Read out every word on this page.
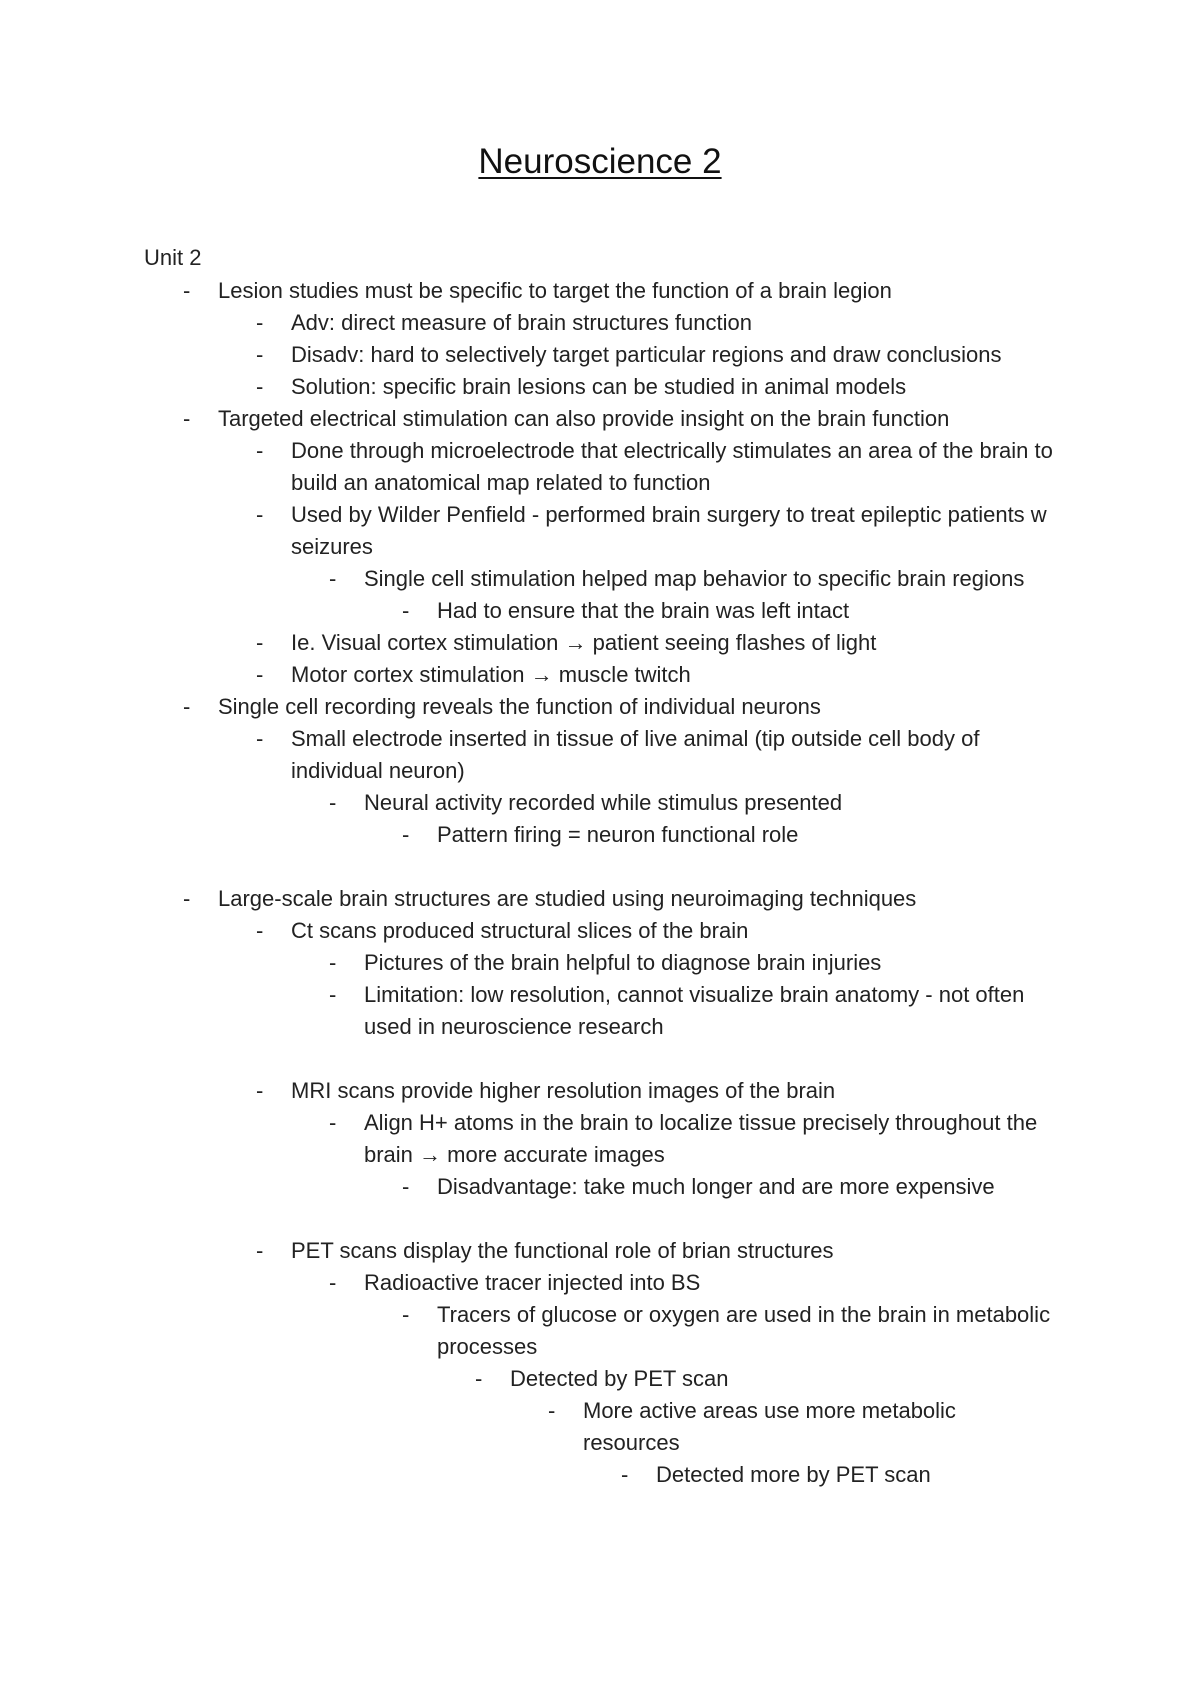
Neuroscience 2
Unit 2
-	Lesion studies must be specific to target the function of a brain legion
-	Adv: direct measure of brain structures function
-	Disadv: hard to selectively target particular regions and draw conclusions
-	Solution: specific brain lesions can be studied in animal models
-	Targeted electrical stimulation can also provide insight on the brain function
-	Done through microelectrode that electrically stimulates an area of the brain to build an anatomical map related to function
-	Used by Wilder Penfield - performed brain surgery to treat epileptic patients w seizures
-	Single cell stimulation helped map behavior to specific brain regions
-	Had to ensure that the brain was left intact
-	Ie. Visual cortex stimulation → patient seeing flashes of light
-	Motor cortex stimulation → muscle twitch
-	Single cell recording reveals the function of individual neurons
-	Small electrode inserted in tissue of live animal (tip outside cell body of individual neuron)
-	Neural activity recorded while stimulus presented
-	Pattern firing = neuron functional role
-	Large-scale brain structures are studied using neuroimaging techniques
-	Ct scans produced structural slices of the brain
-	Pictures of the brain helpful to diagnose brain injuries
-	Limitation: low resolution, cannot visualize brain anatomy - not often used in neuroscience research
-	MRI scans provide higher resolution images of the brain
-	Align H+ atoms in the brain to localize tissue precisely throughout the brain → more accurate images
-	Disadvantage: take much longer and are more expensive
-	PET scans display the functional role of brian structures
-	Radioactive tracer injected into BS
-	Tracers of glucose or oxygen are used in the brain in metabolic processes
-	Detected by PET scan
-	More active areas use more metabolic resources
-	Detected more by PET scan
